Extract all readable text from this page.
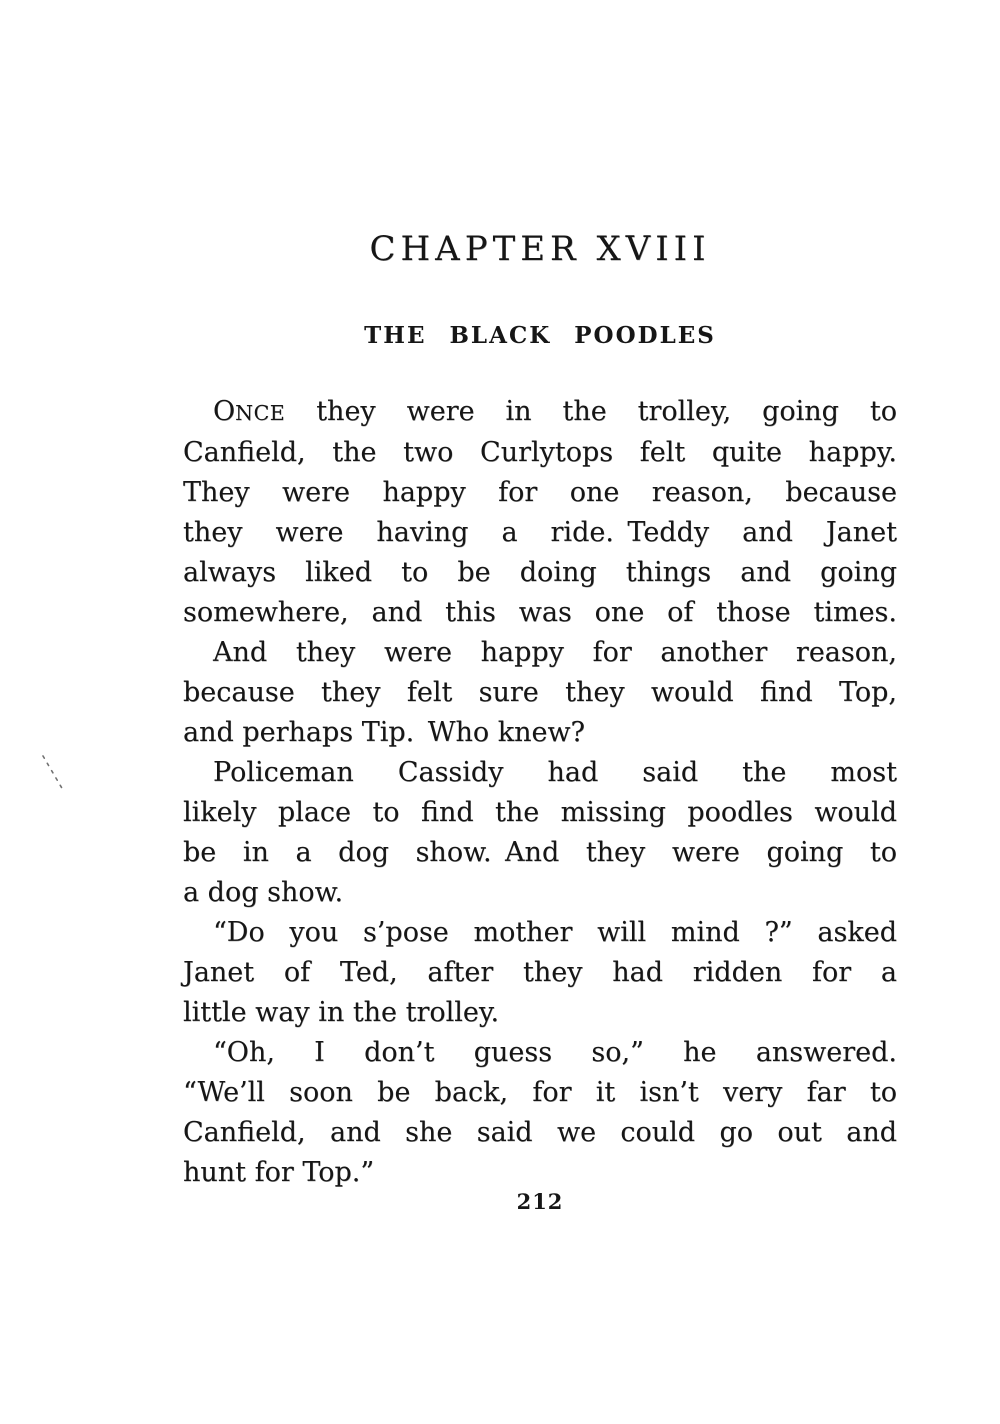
CHAPTER XVIII
THE BLACK POODLES
ONCE they were in the trolley, going to
Canfield, the two Curlytops felt quite happy.
They were happy for one reason, because
they were having a ride. Teddy and Janet
always liked to be doing things and going
somewhere, and this was one of those times.
And they were happy for another reason,
because they felt sure they would find Top,
and perhaps Tip. Who knew?
Policeman Cassidy had said the most
likely place to find the missing poodles would
be in a dog show. And they were going to
a dog show.
“Do you s’pose mother will mind ?” asked
Janet of Ted, after they had ridden for a
little way in the trolley.
“Oh, I don’t guess so,” he answered.
“We’ll soon be back, for it isn’t very far to
Canfield, and she said we could go out and
hunt for Top.”
212
